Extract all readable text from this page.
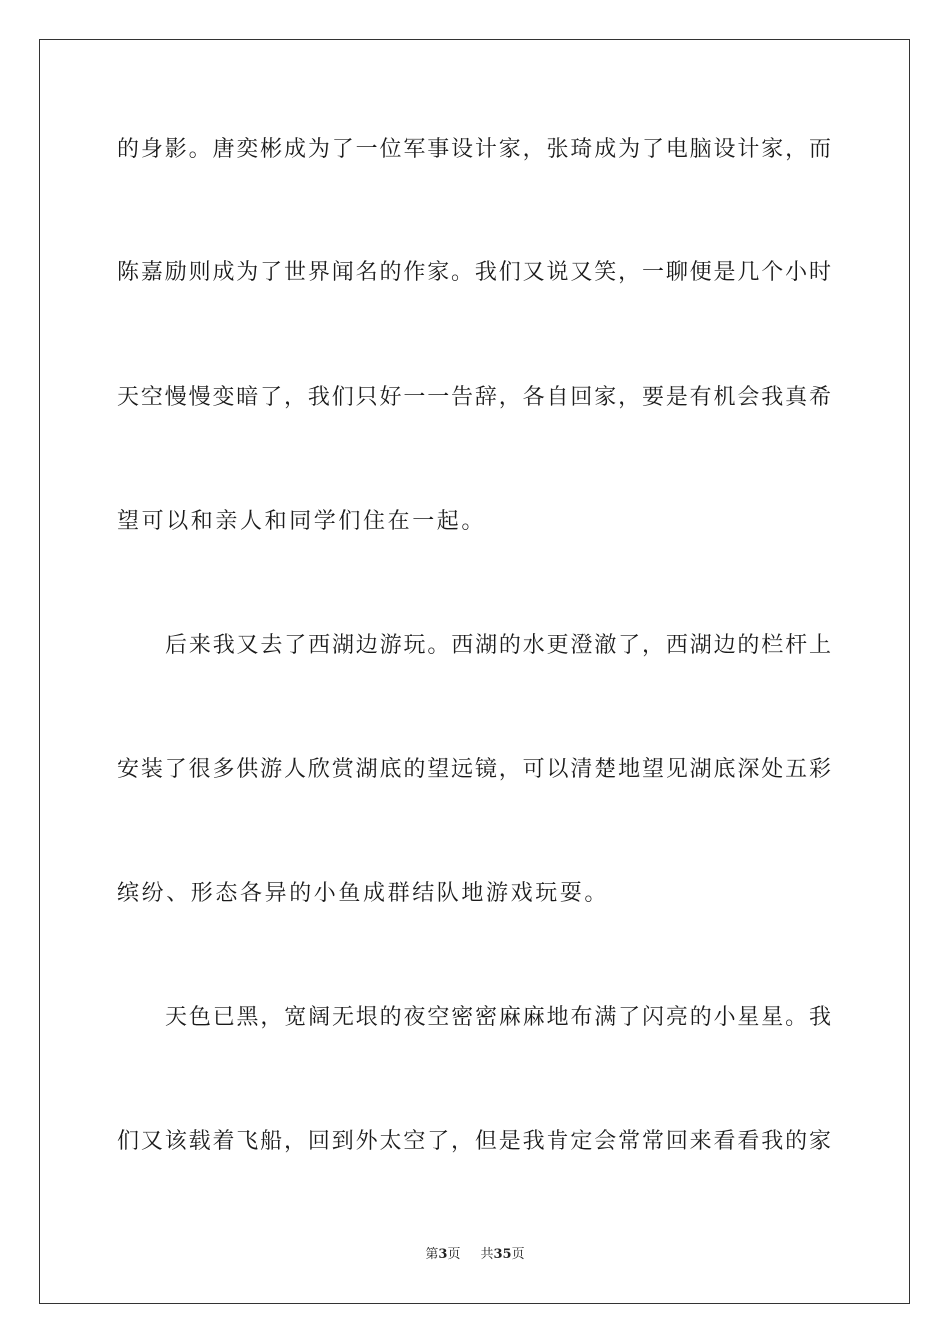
的身影。唐奕彬成为了一位军事设计家，张琦成为了电脑设计家，而
陈嘉励则成为了世界闻名的作家。我们又说又笑，一聊便是几个小时
天空慢慢变暗了，我们只好一一告辞，各自回家，要是有机会我真希
望可以和亲人和同学们住在一起。
后来我又去了西湖边游玩。西湖的水更澄澈了，西湖边的栏杆上
安装了很多供游人欣赏湖底的望远镜，可以清楚地望见湖底深处五彩
缤纷、形态各异的小鱼成群结队地游戏玩耍。
天色已黑，宽阔无垠的夜空密密麻麻地布满了闪亮的小星星。我
们又该载着飞船，回到外太空了，但是我肯定会常常回来看看我的家
第3页 共35页
